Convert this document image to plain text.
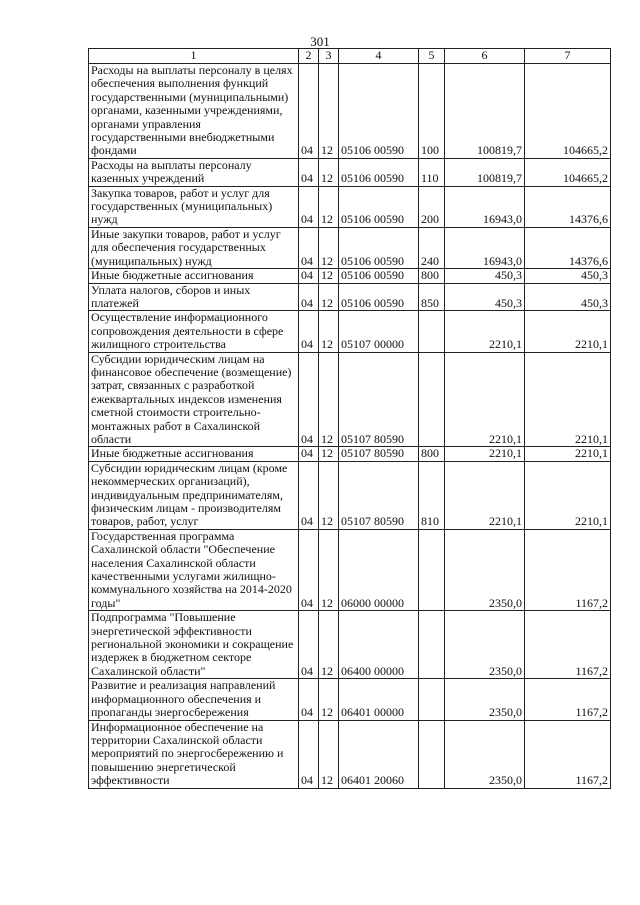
301
1	2	3	4	5	6	7
Расходы на выплаты персоналу в целях обеспечения выполнения функций государственными (муниципальными) органами, казенными учреждениями, органами управления государственными внебюджетными фондами	04	12	05106 00590	100	100819,7	104665,2
Расходы на выплаты персоналу казенных учреждений	04	12	05106 00590	110	100819,7	104665,2
Закупка товаров, работ и услуг для государственных (муниципальных) нужд	04	12	05106 00590	200	16943,0	14376,6
Иные закупки товаров, работ и услуг для обеспечения государственных (муниципальных) нужд	04	12	05106 00590	240	16943,0	14376,6
Иные бюджетные ассигнования	04	12	05106 00590	800	450,3	450,3
Уплата налогов, сборов и иных платежей	04	12	05106 00590	850	450,3	450,3
Осуществление информационного сопровождения деятельности в сфере жилищного строительства	04	12	05107 00000		2210,1	2210,1
Субсидии юридическим лицам на финансовое обеспечение (возмещение) затрат, связанных с разработкой ежеквартальных индексов изменения сметной стоимости строительно-монтажных работ в Сахалинской области	04	12	05107 80590		2210,1	2210,1
Иные бюджетные ассигнования	04	12	05107 80590	800	2210,1	2210,1
Субсидии юридическим лицам (кроме некоммерческих организаций), индивидуальным предпринимателям, физическим лицам - производителям товаров, работ, услуг	04	12	05107 80590	810	2210,1	2210,1
Государственная программа Сахалинской области "Обеспечение населения Сахалинской области качественными услугами жилищно-коммунального хозяйства на 2014-2020 годы"	04	12	06000 00000		2350,0	1167,2
Подпрограмма "Повышение энергетической эффективности региональной экономики и сокращение издержек в бюджетном секторе Сахалинской области"	04	12	06400 00000		2350,0	1167,2
Развитие и реализация направлений информационного обеспечения и пропаганды энергосбережения	04	12	06401 00000		2350,0	1167,2
Информационное обеспечение на территории Сахалинской области мероприятий по энергосбережению и повышению энергетической эффективности	04	12	06401 20060		2350,0	1167,2
